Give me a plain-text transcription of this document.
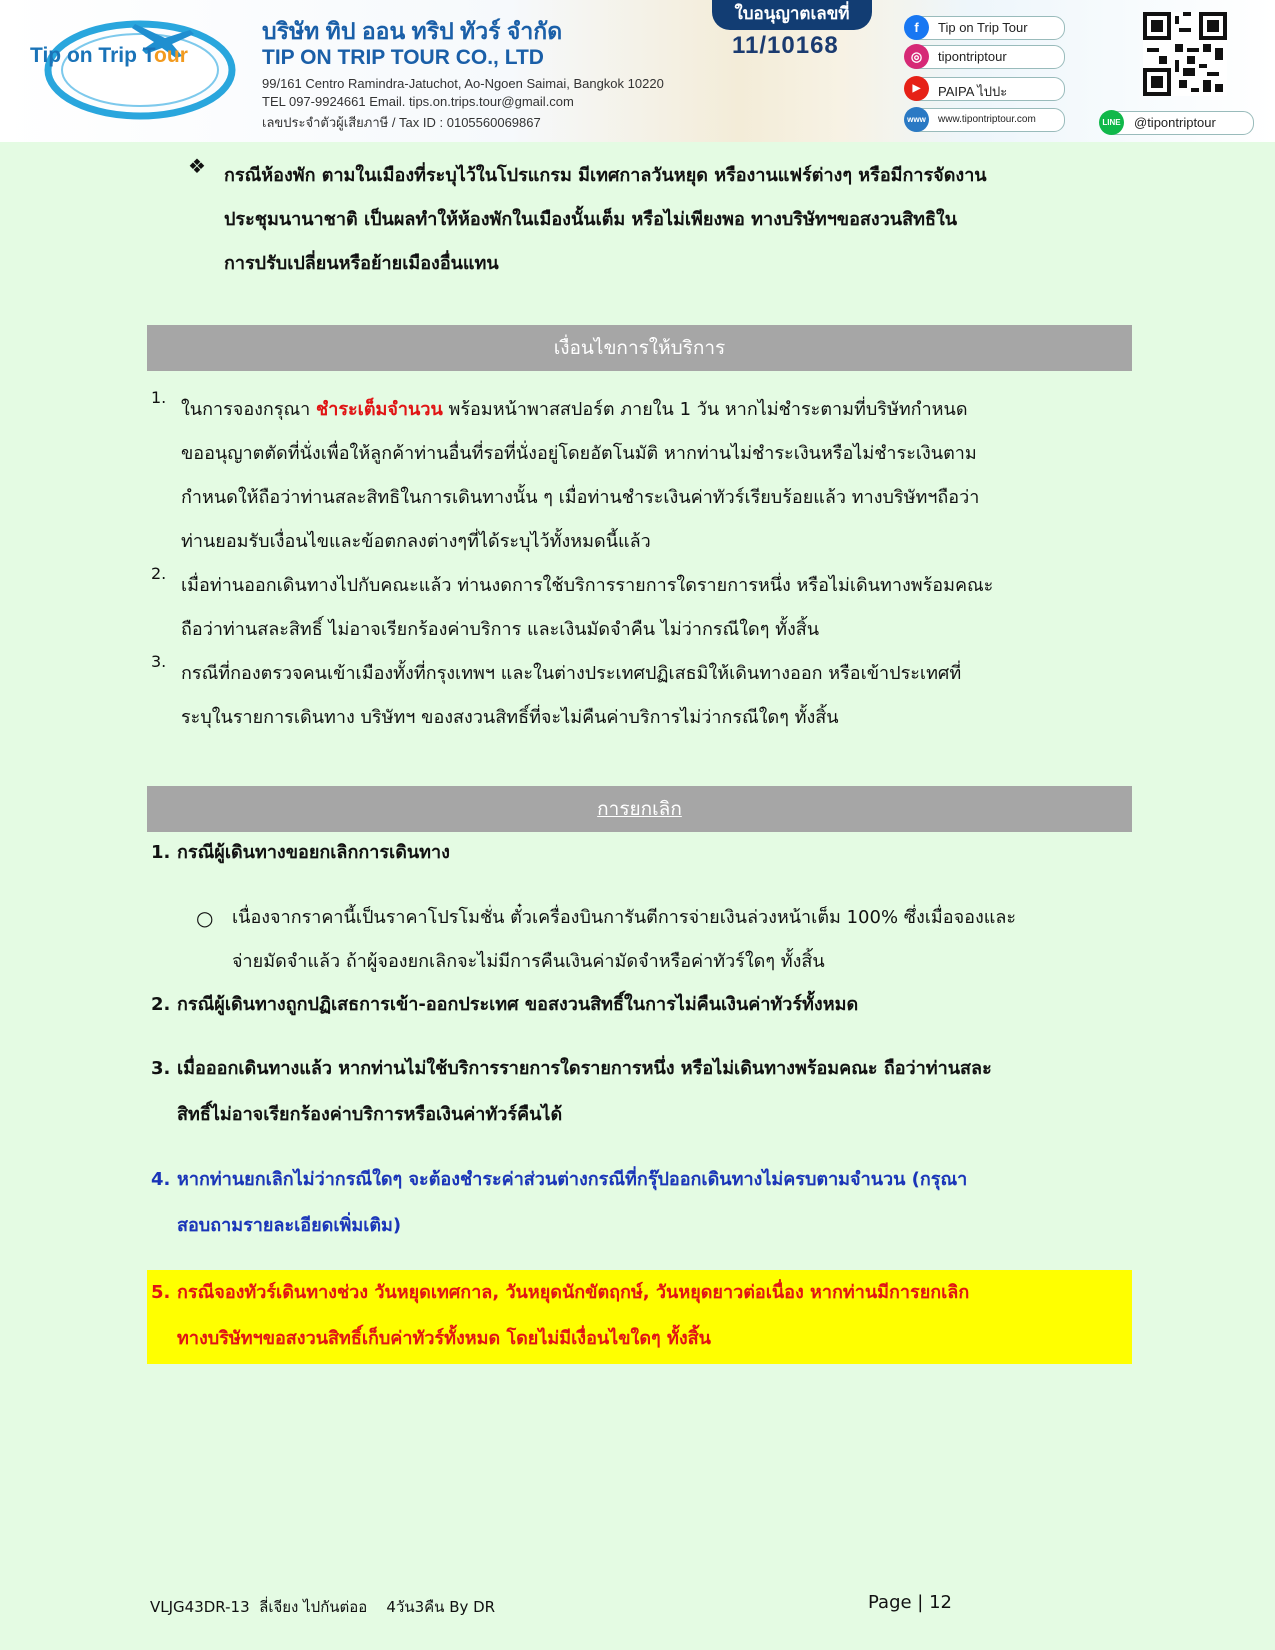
Tip on Trip Tour
บริษัท ทิป ออน ทริป ทัวร์ จำกัด
TIP ON TRIP TOUR CO., LTD
99/161 Centro Ramindra-Jatuchot, Ao-Ngoen Saimai, Bangkok 10220
TEL 097-9924661 Email. tips.on.trips.tour@gmail.com
เลขประจำตัวผู้เสียภาษี / Tax ID : 0105560069867
ใบอนุญาตเลขที่
11/10168
f	Tip on Trip Tour
◎	tipontriptour
▶	PAIPA ไปปะ
www	www.tipontriptour.com	LINE @tipontriptour
❖ กรณีห้องพัก ตามในเมืองที่ระบุไว้ในโปรแกรม มีเทศกาลวันหยุด หรืองานแฟร์ต่างๆ หรือมีการจัดงาน

ประชุมนานาชาติ เป็นผลทำให้ห้องพักในเมืองนั้นเต็ม หรือไม่เพียงพอ ทางบริษัทฯขอสงวนสิทธิใน

การปรับเปลี่ยนหรือย้ายเมืองอื่นแทน

เงื่อนไขการให้บริการ
1.

ในการจองกรุณา ชำระเต็มจำนวน พร้อมหน้าพาสสปอร์ต ภายใน 1 วัน หากไม่ชำระตามที่บริษัทกำหนด

ขออนุญาตตัดที่นั่งเพื่อให้ลูกค้าท่านอื่นที่รอที่นั่งอยู่โดยอัตโนมัติ หากท่านไม่ชำระเงินหรือไม่ชำระเงินตาม

กำหนดให้ถือว่าท่านสละสิทธิในการเดินทางนั้น ๆ เมื่อท่านชำระเงินค่าทัวร์เรียบร้อยแล้ว ทางบริษัทฯถือว่า

ท่านยอมรับเงื่อนไขและข้อตกลงต่างๆที่ได้ระบุไว้ทั้งหมดนี้แล้ว

2.

เมื่อท่านออกเดินทางไปกับคณะแล้ว ท่านงดการใช้บริการรายการใดรายการหนึ่ง หรือไม่เดินทางพร้อมคณะ

ถือว่าท่านสละสิทธิ์ ไม่อาจเรียกร้องค่าบริการ และเงินมัดจำคืน ไม่ว่ากรณีใดๆ ทั้งสิ้น

3.

กรณีที่กองตรวจคนเข้าเมืองทั้งที่กรุงเทพฯ และในต่างประเทศปฏิเสธมิให้เดินทางออก หรือเข้าประเทศที่

ระบุในรายการเดินทาง บริษัทฯ ของสงวนสิทธิ์ที่จะไม่คืนค่าบริการไม่ว่ากรณีใดๆ ทั้งสิ้น

การยกเลิก
1. กรณีผู้เดินทางขอยกเลิกการเดินทาง

○ เนื่องจากราคานี้เป็นราคาโปรโมชั่น ตั๋วเครื่องบินการันตีการจ่ายเงินล่วงหน้าเต็ม 100% ซึ่งเมื่อจองและ

จ่ายมัดจำแล้ว ถ้าผู้จองยกเลิกจะไม่มีการคืนเงินค่ามัดจำหรือค่าทัวร์ใดๆ ทั้งสิ้น

2. กรณีผู้เดินทางถูกปฏิเสธการเข้า-ออกประเทศ ขอสงวนสิทธิ์ในการไม่คืนเงินค่าทัวร์ทั้งหมด

3. เมื่อออกเดินทางแล้ว หากท่านไม่ใช้บริการรายการใดรายการหนึ่ง หรือไม่เดินทางพร้อมคณะ ถือว่าท่านสละ

สิทธิ์ไม่อาจเรียกร้องค่าบริการหรือเงินค่าทัวร์คืนได้

4. หากท่านยกเลิกไม่ว่ากรณีใดๆ จะต้องชำระค่าส่วนต่างกรณีที่กรุ๊ปออกเดินทางไม่ครบตามจำนวน (กรุณา

สอบถามรายละเอียดเพิ่มเติม)

5. กรณีจองทัวร์เดินทางช่วง วันหยุดเทศกาล, วันหยุดนักขัตฤกษ์, วันหยุดยาวต่อเนื่อง หากท่านมีการยกเลิก

ทางบริษัทฯขอสงวนสิทธิ์เก็บค่าทัวร์ทั้งหมด โดยไม่มีเงื่อนไขใดๆ ทั้งสิ้น

VLJG43DR-13  ลี่เจียง ไปกันต่ออ    4วัน3คืน By DR	Page | 12
